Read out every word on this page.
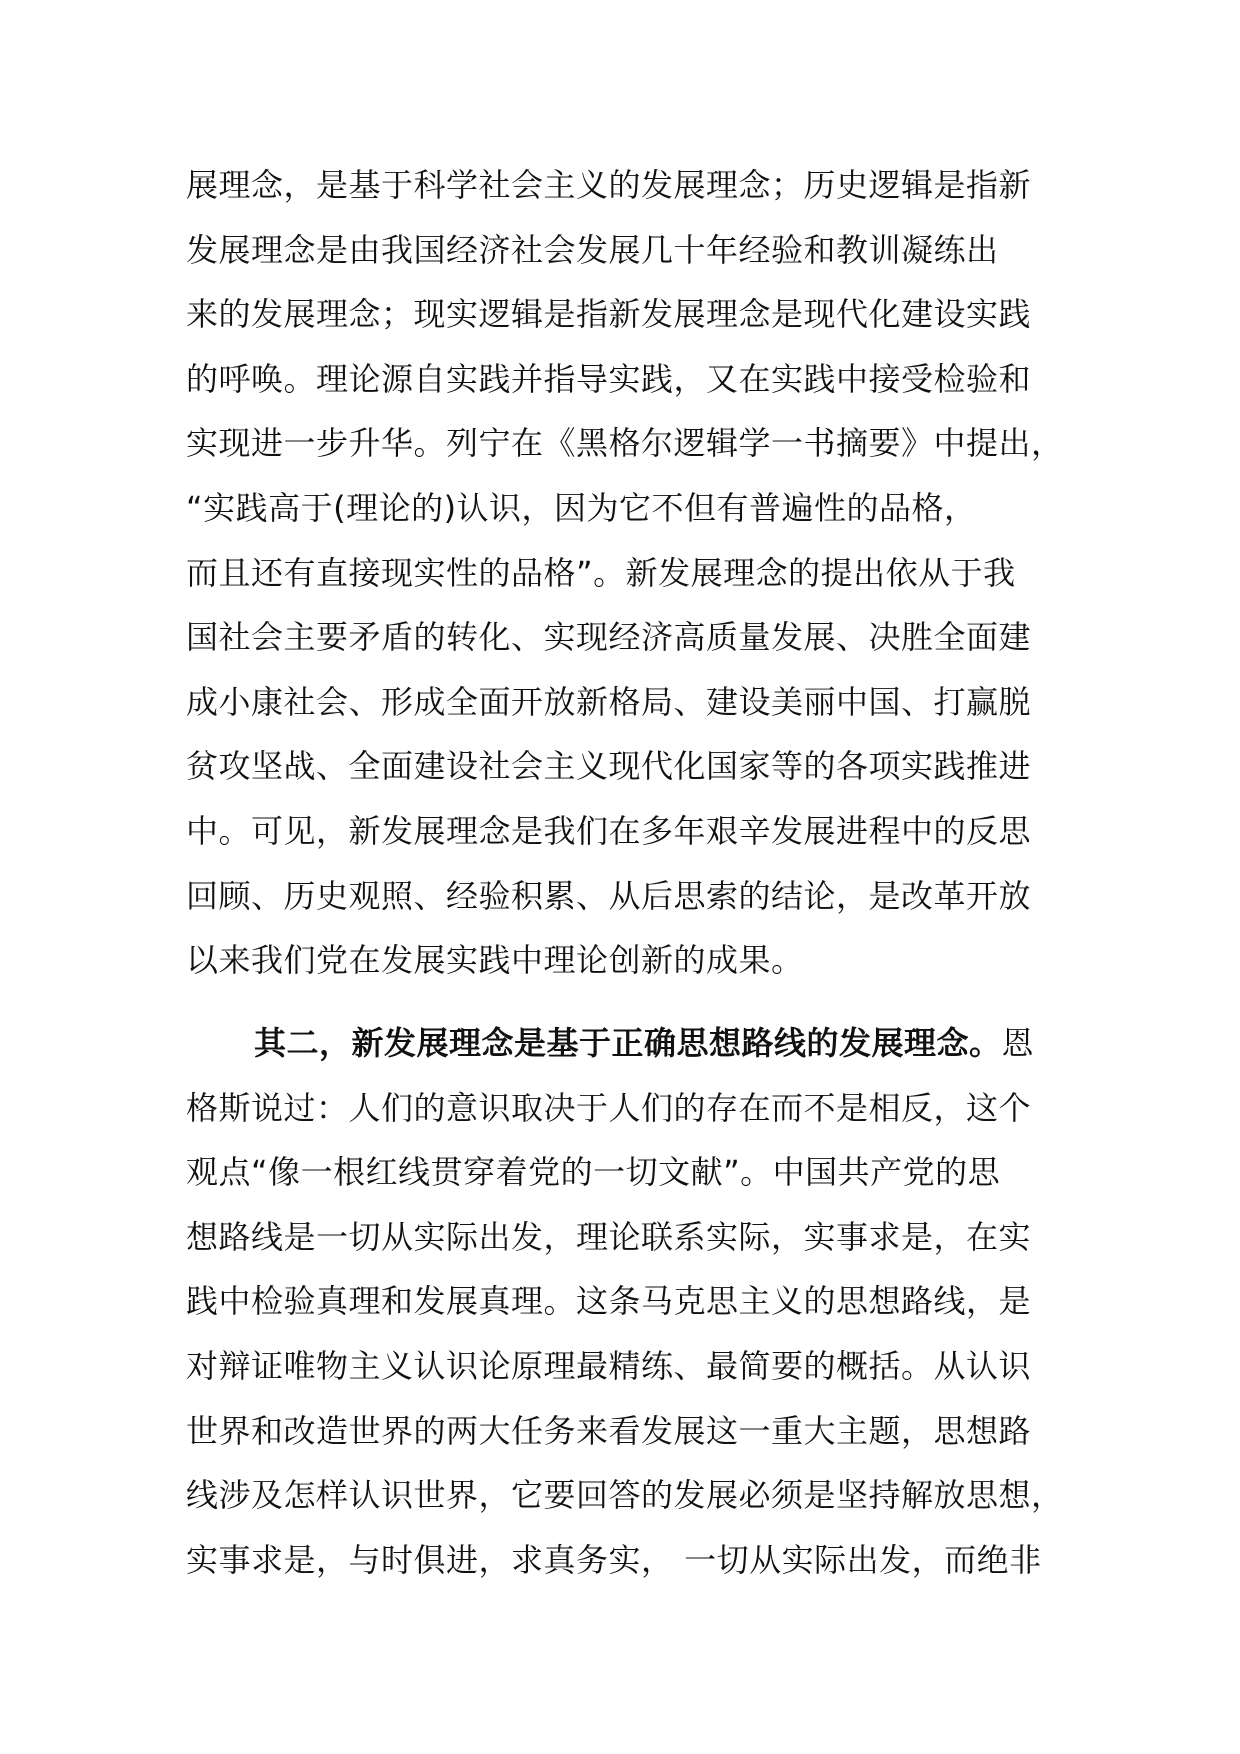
展理念，是基于科学社会主义的发展理念；历史逻辑是指新
发展理念是由我国经济社会发展几十年经验和教训凝练出
来的发展理念；现实逻辑是指新发展理念是现代化建设实践
的呼唤。理论源自实践并指导实践，又在实践中接受检验和
实现进一步升华。列宁在《黑格尔逻辑学一书摘要》中提出，
“实践高于(理论的)认识，因为它不但有普遍性的品格，
而且还有直接现实性的品格”。新发展理念的提出依从于我
国社会主要矛盾的转化、实现经济高质量发展、决胜全面建
成小康社会、形成全面开放新格局、建设美丽中国、打赢脱
贫攻坚战、全面建设社会主义现代化国家等的各项实践推进
中。可见，新发展理念是我们在多年艰辛发展进程中的反思
回顾、历史观照、经验积累、从后思索的结论，是改革开放
以来我们党在发展实践中理论创新的成果。

其二，新发展理念是基于正确思想路线的发展理念。恩
格斯说过：人们的意识取决于人们的存在而不是相反，这个
观点“像一根红线贯穿着党的一切文献”。中国共产党的思
想路线是一切从实际出发，理论联系实际，实事求是，在实
践中检验真理和发展真理。这条马克思主义的思想路线，是
对辩证唯物主义认识论原理最精练、最简要的概括。从认识
世界和改造世界的两大任务来看发展这一重大主题，思想路
线涉及怎样认识世界，它要回答的发展必须是坚持解放思想，
实事求是，与时俱进，求真务实， 一切从实际出发，而绝非
